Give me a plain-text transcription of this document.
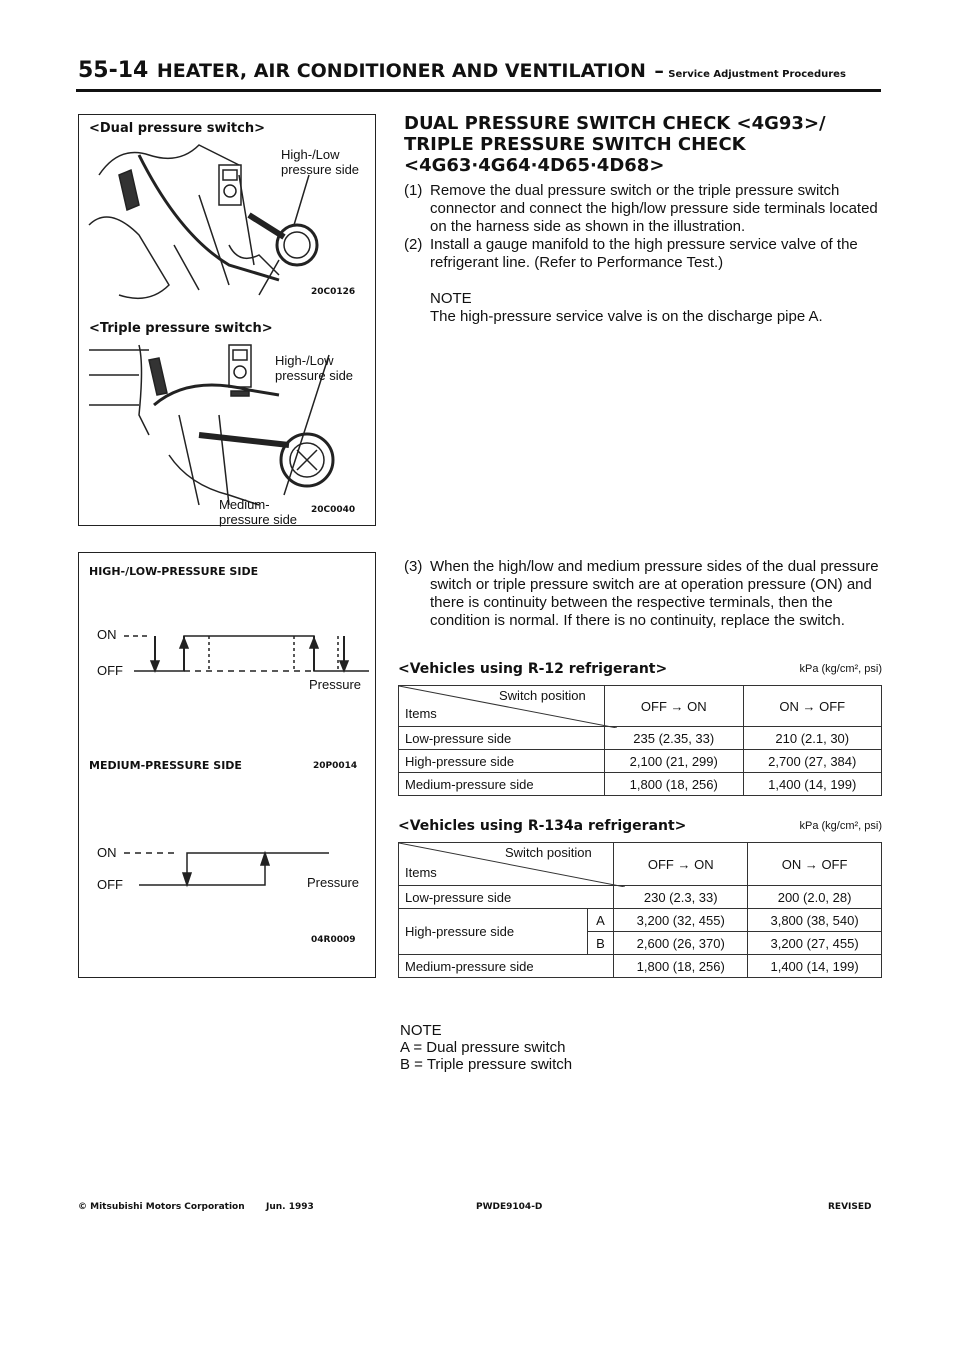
55-14 HEATER, AIR CONDITIONER AND VENTILATION – Service Adjustment Procedures
<Dual pressure switch>
High-/Low pressure side
20C0126
<Triple pressure switch>
High-/Low pressure side
Medium-pressure side
20C0040
DUAL PRESSURE SWITCH CHECK <4G93>/
TRIPLE PRESSURE SWITCH CHECK
<4G63·4G64·4D65·4D68>
(1) Remove the dual pressure switch or the triple pressure switch connector and connect the high/low pressure side terminals located on the harness side as shown in the illustration.
(2) Install a gauge manifold to the high pressure service valve of the refrigerant line. (Refer to Performance Test.)
NOTE
The high-pressure service valve is on the discharge pipe A.
HIGH-/LOW-PRESSURE SIDE
ON
OFF
Pressure
MEDIUM-PRESSURE SIDE	20P0014
ON
OFF	Pressure
04R0009
(3) When the high/low and medium pressure sides of the dual pressure switch or triple pressure switch are at operation pressure (ON) and there is continuity between the respective terminals, then the condition is normal. If there is no continuity, replace the switch.
<Vehicles using R-12 refrigerant>	kPa (kg/cm², psi)
Switch position
Items	OFF → ON	ON → OFF
Low-pressure side	235 (2.35, 33)	210 (2.1, 30)
High-pressure side	2,100 (21, 299)	2,700 (27, 384)
Medium-pressure side	1,800 (18, 256)	1,400 (14, 199)
<Vehicles using R-134a refrigerant>	kPa (kg/cm², psi)
Switch position
Items		OFF → ON	ON → OFF
Low-pressure side		230 (2.3, 33)	200 (2.0, 28)
High-pressure side	A	3,200 (32, 455)	3,800 (38, 540)
	B	2,600 (26, 370)	3,200 (27, 455)
Medium-pressure side		1,800 (18, 256)	1,400 (14, 199)
NOTE
A = Dual pressure switch
B = Triple pressure switch
© Mitsubishi Motors Corporation Jun. 1993	PWDE9104-D	REVISED
